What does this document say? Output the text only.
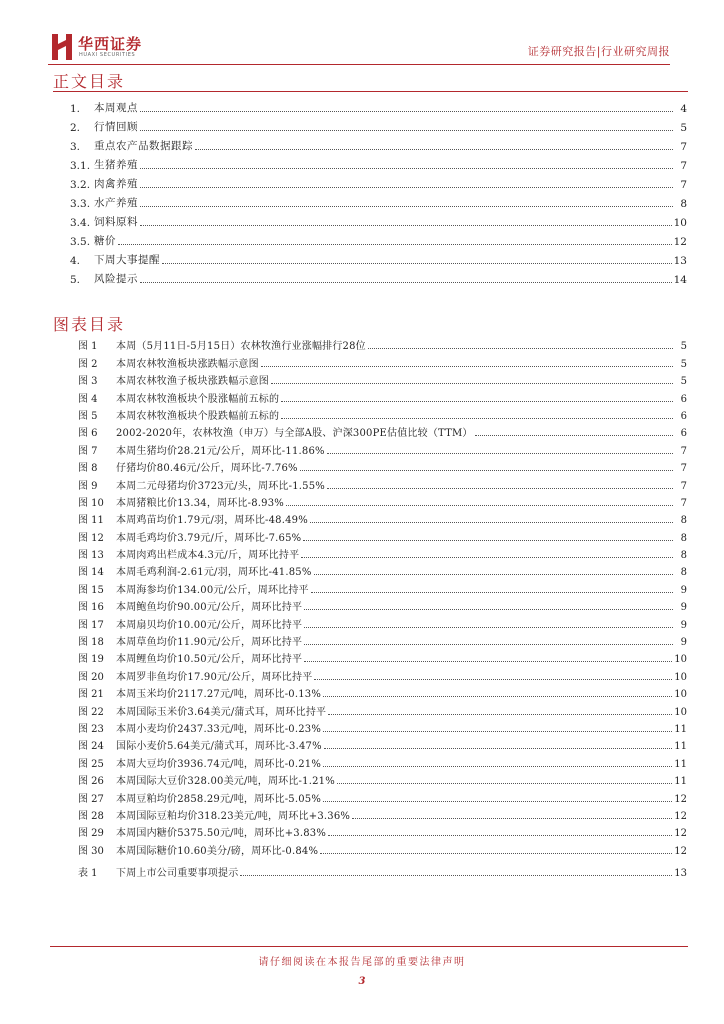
华西证券
HUAXI SECURITIES	证券研究报告|行业研究周报
正文目录
1.	本周观点	4
2.	行情回顾	5
3.	重点农产品数据跟踪	7
3.1. 生猪养殖	7
3.2. 肉禽养殖	7
3.3. 水产养殖	8
3.4. 饲料原料	10
3.5. 糖价	12
4.	下周大事提醒	13
5.	风险提示	14
图表目录
图 1	本周（5月11日-5月15日）农林牧渔行业涨幅排行28位	5
图 2	本周农林牧渔板块涨跌幅示意图	5
图 3	本周农林牧渔子板块涨跌幅示意图	5
图 4	本周农林牧渔板块个股涨幅前五标的	6
图 5	本周农林牧渔板块个股跌幅前五标的	6
图 6	2002-2020年，农林牧渔（申万）与全部A股、沪深300PE估值比较（TTM）	6
图 7	本周生猪均价28.21元/公斤，周环比-11.86%	7
图 8	仔猪均价80.46元/公斤，周环比-7.76%	7
图 9	本周二元母猪均价3723元/头，周环比-1.55%	7
图 10	本周猪粮比价13.34，周环比-8.93%	7
图 11	本周鸡苗均价1.79元/羽，周环比-48.49%	8
图 12	本周毛鸡均价3.79元/斤，周环比-7.65%	8
图 13	本周肉鸡出栏成本4.3元/斤，周环比持平	8
图 14	本周毛鸡利润-2.61元/羽，周环比-41.85%	8
图 15	本周海参均价134.00元/公斤，周环比持平	9
图 16	本周鲍鱼均价90.00元/公斤，周环比持平	9
图 17	本周扇贝均价10.00元/公斤，周环比持平	9
图 18	本周草鱼均价11.90元/公斤，周环比持平	9
图 19	本周鲤鱼均价10.50元/公斤，周环比持平	10
图 20	本周罗非鱼均价17.90元/公斤，周环比持平	10
图 21	本周玉米均价2117.27元/吨，周环比-0.13%	10
图 22	本周国际玉米价3.64美元/蒲式耳，周环比持平	10
图 23	本周小麦均价2437.33元/吨，周环比-0.23%	11
图 24	国际小麦价5.64美元/蒲式耳，周环比-3.47%	11
图 25	本周大豆均价3936.74元/吨，周环比-0.21%	11
图 26	本周国际大豆价328.00美元/吨，周环比-1.21%	11
图 27	本周豆粕均价2858.29元/吨，周环比-5.05%	12
图 28	本周国际豆粕均价318.23美元/吨，周环比+3.36%	12
图 29	本周国内糖价5375.50元/吨，周环比+3.83%	12
图 30	本周国际糖价10.60美分/磅，周环比-0.84%	12
表 1	下周上市公司重要事项提示	13
请仔细阅读在本报告尾部的重要法律声明
3
